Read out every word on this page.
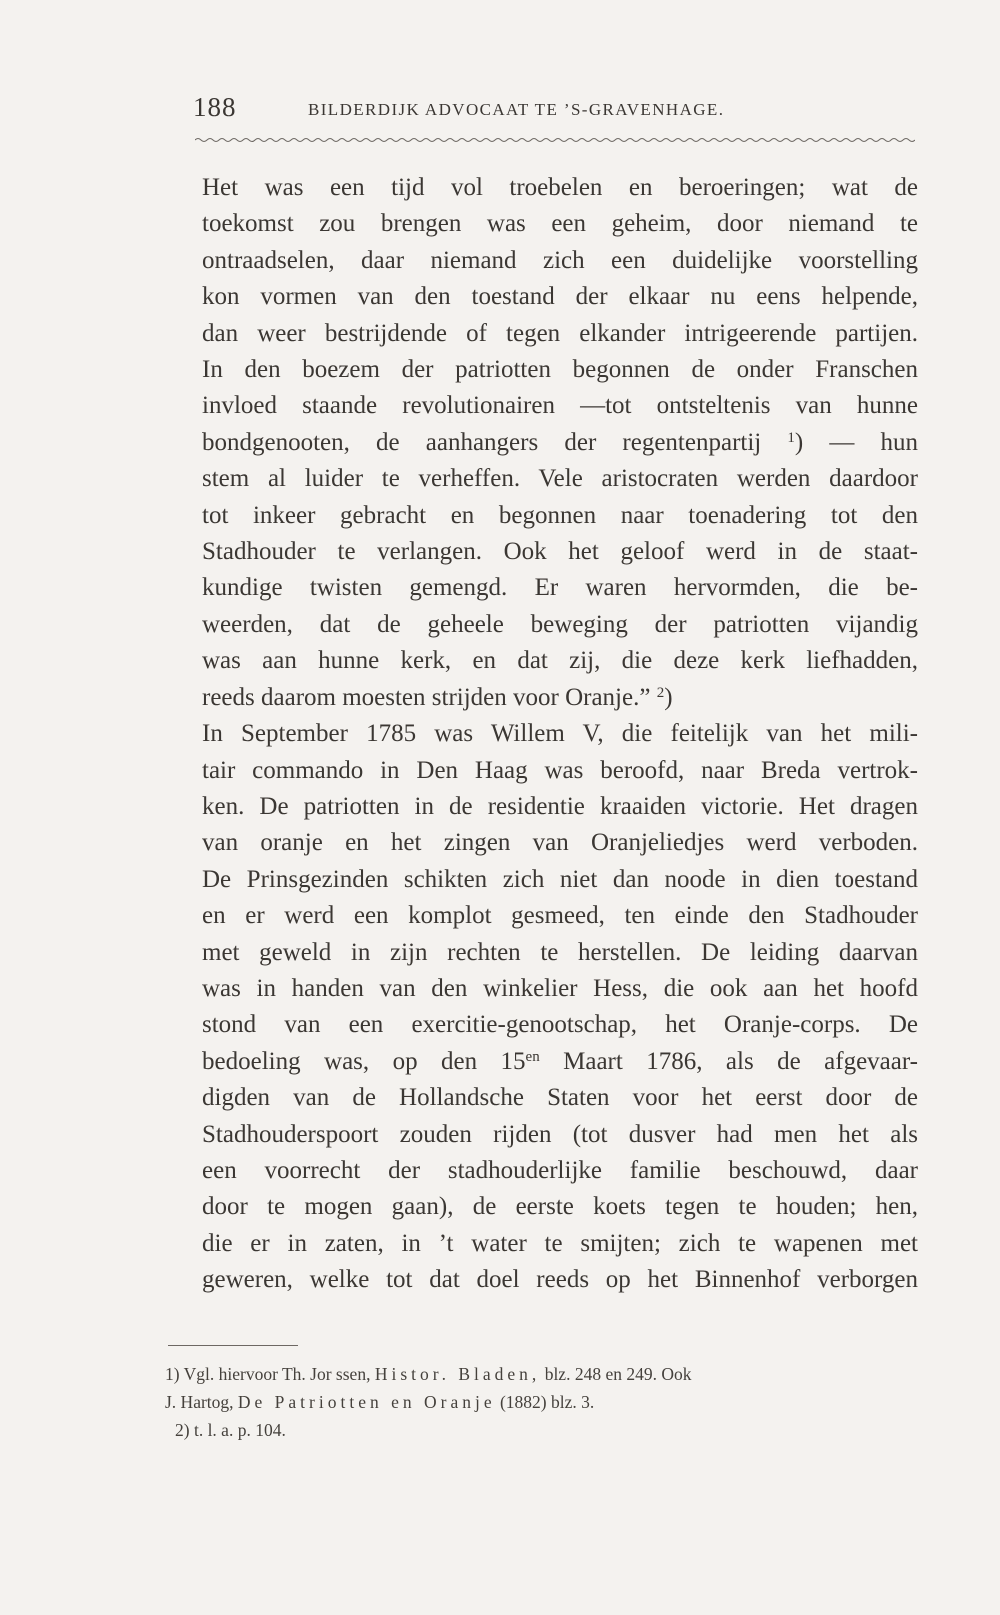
188	BILDERDIJK ADVOCAAT TE ’S-GRAVENHAGE.

Het was een tijd vol troebelen en beroeringen; wat de
toekomst zou brengen was een geheim, door niemand te
ontraadselen, daar niemand zich een duidelijke voorstelling
kon vormen van den toestand der elkaar nu eens helpende,
dan weer bestrijdende of tegen elkander intrigeerende partijen.
In den boezem der patriotten begonnen de onder Franschen
invloed staande revolutionairen —tot ontsteltenis van hunne
bondgenooten, de aanhangers der regentenpartij $^1$) — hun
stem al luider te verheffen. Vele aristocraten werden daardoor
tot inkeer gebracht en begonnen naar toenadering tot den
Stadhouder te verlangen. Ook het geloof werd in de staat-
kundige twisten gemengd. Er waren hervormden, die be-
weerden, dat de geheele beweging der patriotten vijandig
was aan hunne kerk, en dat zij, die deze kerk liefhadden,
reeds daarom moesten strijden voor Oranje.” $^2$)

In September 1785 was Willem V, die feitelijk van het mili-
tair commando in Den Haag was beroofd, naar Breda vertrok-
ken. De patriotten in de residentie kraaiden victorie. Het dragen
van oranje en het zingen van Oranjeliedjes werd verboden.
De Prinsgezinden schikten zich niet dan noode in dien toestand
en er werd een komplot gesmeed, ten einde den Stadhouder
met geweld in zijn rechten te herstellen. De leiding daarvan
was in handen van den winkelier Hess, die ook aan het hoofd
stond van een exercitie-genootschap, het Oranje-corps. De
bedoeling was, op den $15^{en}$ Maart 1786, als de afgevaar-
digden van de Hollandsche Staten voor het eerst door de
Stadhouderspoort zouden rijden (tot dusver had men het als
een voorrecht der stadhouderlijke familie beschouwd, daar
door te mogen gaan), de eerste koets tegen te houden; hen,
die er in zaten, in ’t water te smijten; zich te wapenen met
geweren, welke tot dat doel reeds op het Binnenhof verborgen

1) Vgl. hiervoor Th. Jor ssen, Histor. Bladen, blz. 248 en 249. Ook
J. Hartog, De Patriotten en Oranje (1882) blz. 3.
2) t. l. a. p. 104.
